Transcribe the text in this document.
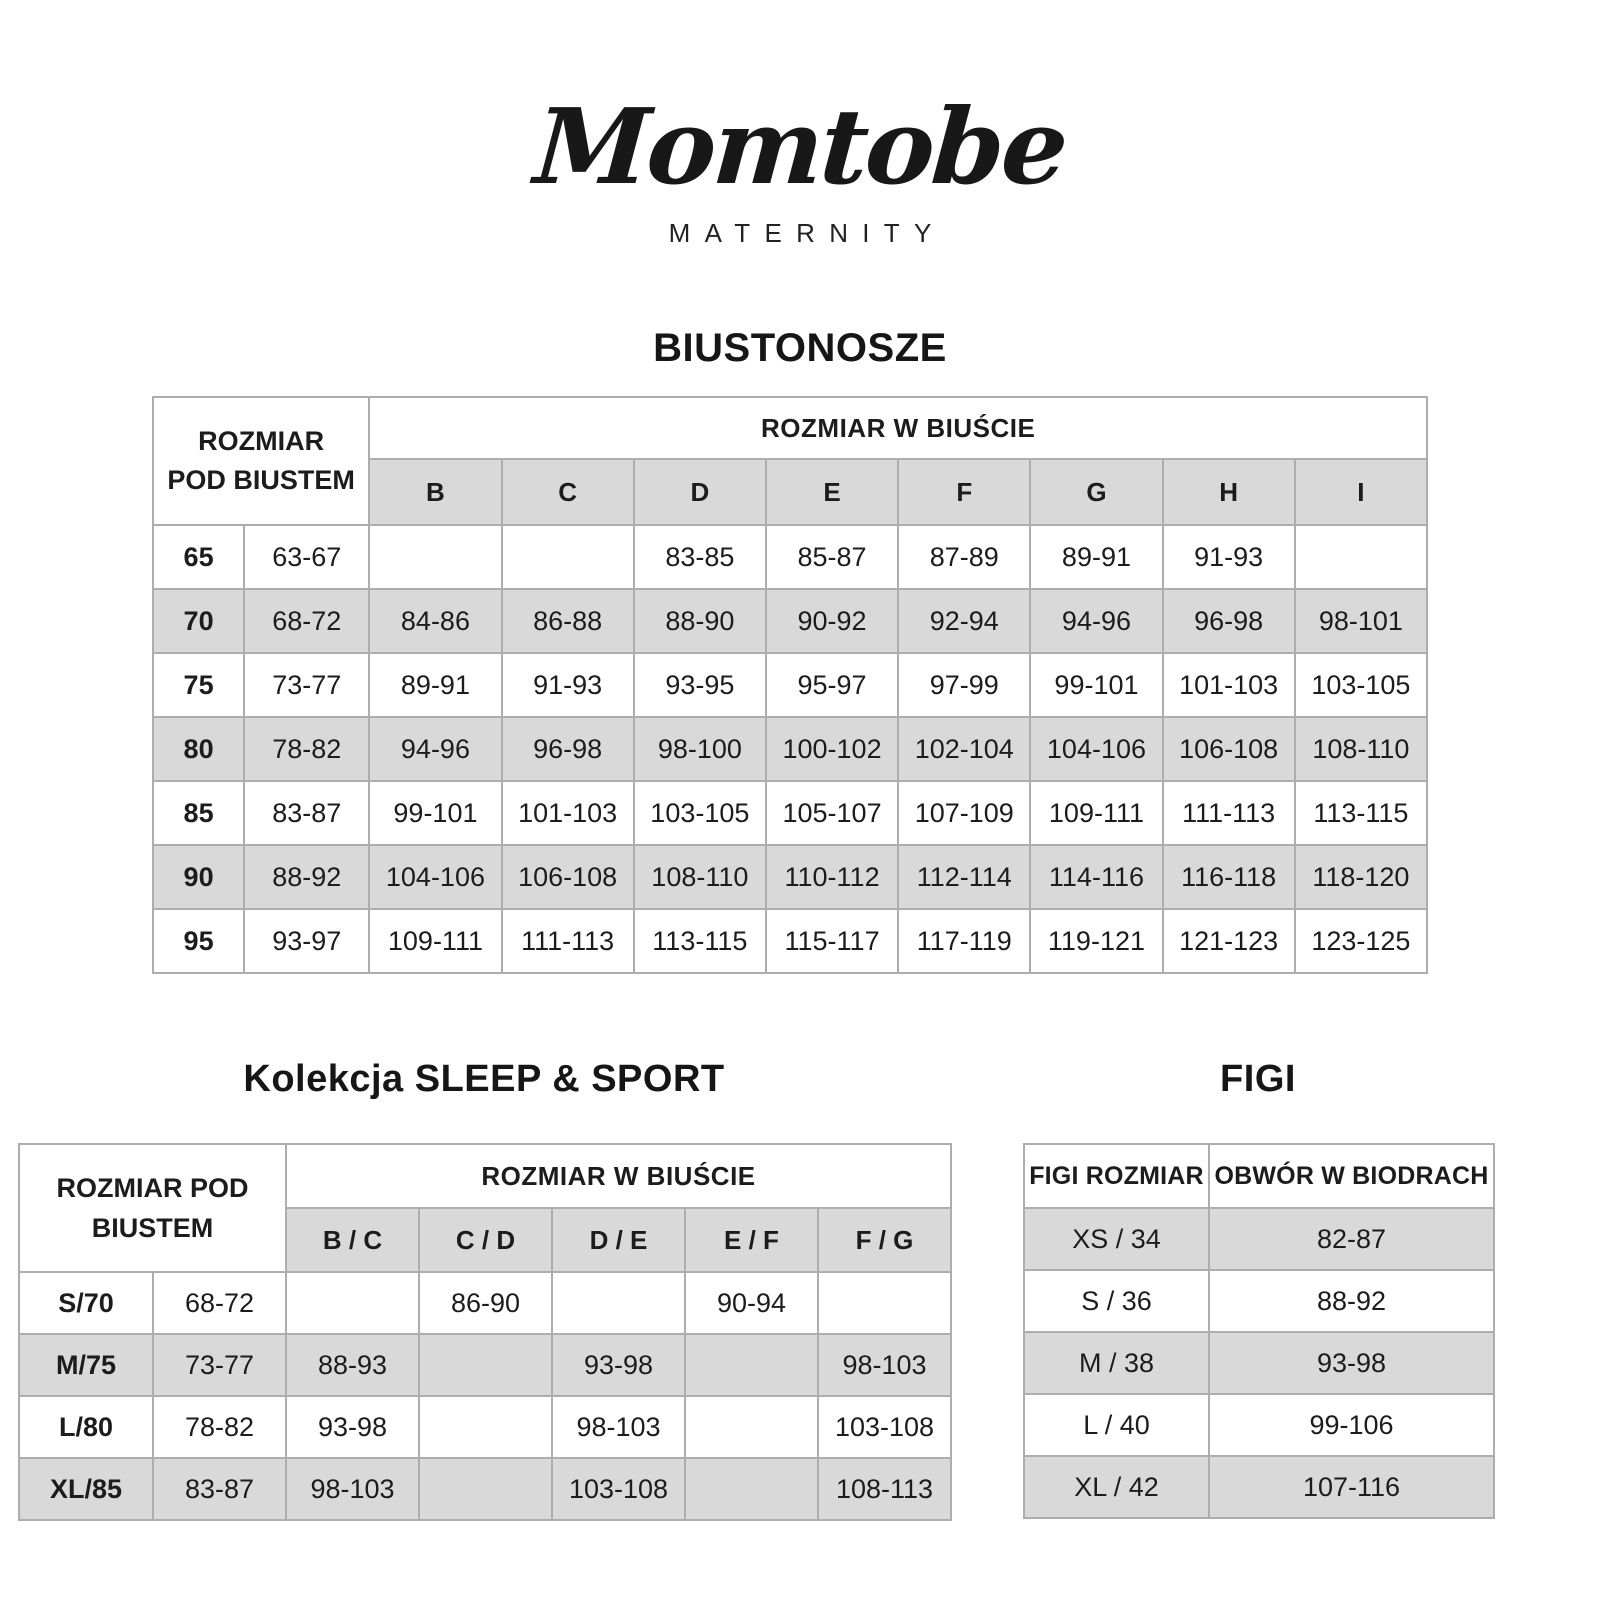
Momtobe
MATERNITY
BIUSTONOSZE
ROZMIAR
POD BIUSTEM		ROZMIAR W BIUŚCIE							
		B	C	D	E	F	G	H	I
65	63-67			83-85	85-87	87-89	89-91	91-93	
70	68-72	84-86	86-88	88-90	90-92	92-94	94-96	96-98	98-101
75	73-77	89-91	91-93	93-95	95-97	97-99	99-101	101-103	103-105
80	78-82	94-96	96-98	98-100	100-102	102-104	104-106	106-108	108-110
85	83-87	99-101	101-103	103-105	105-107	107-109	109-111	111-113	113-115
90	88-92	104-106	106-108	108-110	110-112	112-114	114-116	116-118	118-120
95	93-97	109-111	111-113	113-115	115-117	117-119	119-121	121-123	123-125
Kolekcja SLEEP & SPORT
ROZMIAR POD
BIUSTEM		ROZMIAR W BIUŚCIE				
		B / C	C / D	D / E	E / F	F / G
S/70	68-72		86-90		90-94	
M/75	73-77	88-93		93-98		98-103
L/80	78-82	93-98		98-103		103-108
XL/85	83-87	98-103		103-108		108-113
FIGI
FIGI ROZMIAR	OBWÓR W BIODRACH
XS / 34	82-87
S / 36	88-92
M / 38	93-98
L / 40	99-106
XL / 42	107-116
